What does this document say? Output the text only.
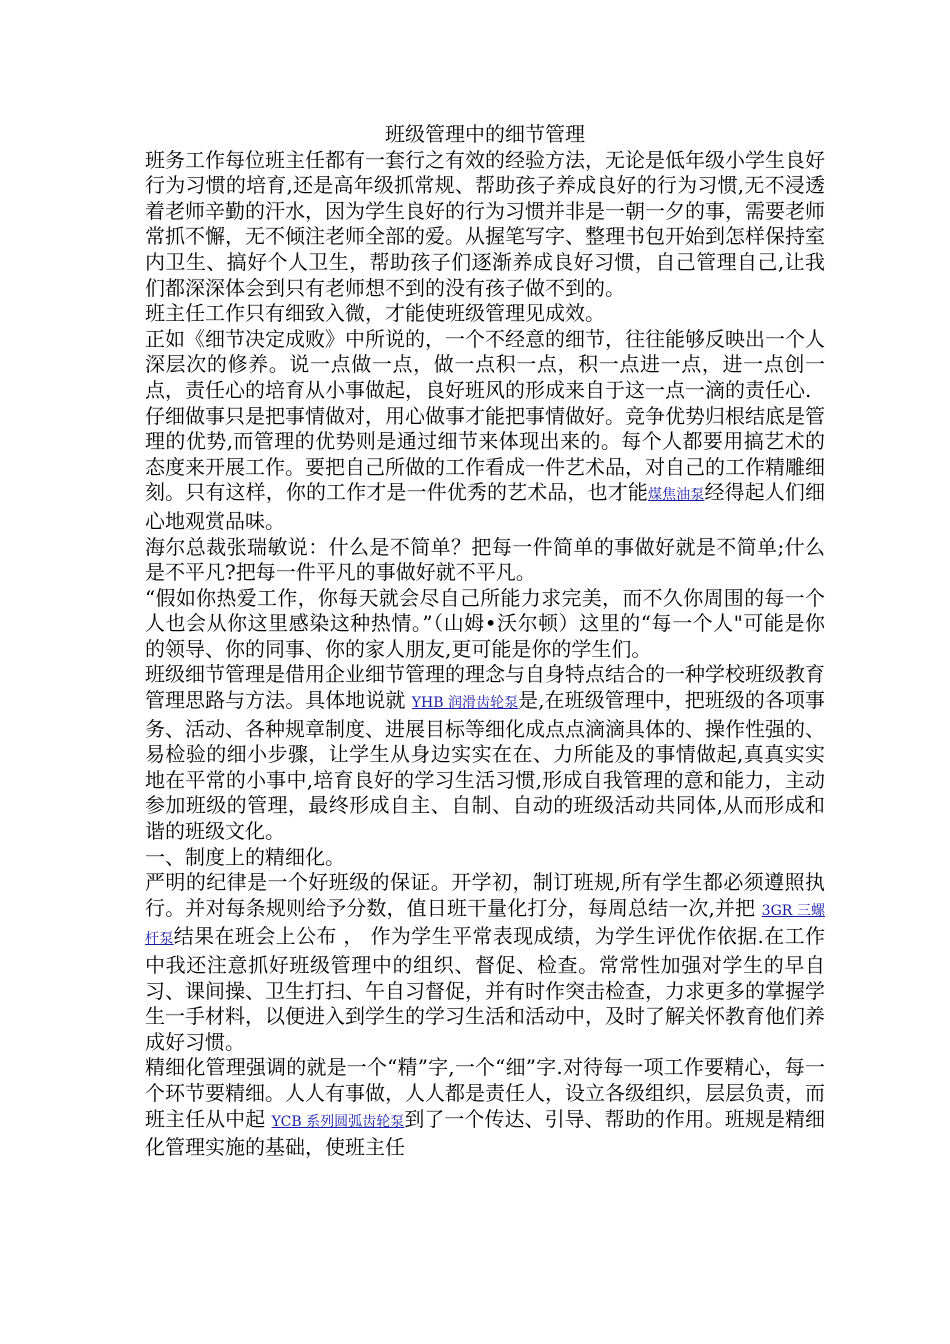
班级管理中的细节管理

班务工作每位班主任都有一套行之有效的经验方法，无论是低年级小学生良好行为习惯的培育,还是高年级抓常规、帮助孩子养成良好的行为习惯,无不浸透着老师辛勤的汗水，因为学生良好的行为习惯并非是一朝一夕的事，需要老师常抓不懈，无不倾注老师全部的爱。从握笔写字、整理书包开始到怎样保持室内卫生、搞好个人卫生，帮助孩子们逐渐养成良好习惯，自己管理自己,让我们都深深体会到只有老师想不到的没有孩子做不到的。

班主任工作只有细致入微，才能使班级管理见成效。

正如《细节决定成败》中所说的，一个不经意的细节，往往能够反映出一个人深层次的修养。说一点做一点，做一点积一点，积一点进一点，进一点创一点，责任心的培育从小事做起，良好班风的形成来自于这一点一滴的责任心.

仔细做事只是把事情做对，用心做事才能把事情做好。竞争优势归根结底是管理的优势,而管理的优势则是通过细节来体现出来的。每个人都要用搞艺术的态度来开展工作。要把自己所做的工作看成一件艺术品，对自己的工作精雕细刻。只有这样，你的工作才是一件优秀的艺术品，也才能煤焦油泵经得起人们细心地观赏品味。

海尔总裁张瑞敏说：什么是不简单？把每一件简单的事做好就是不简单;什么是不平凡?把每一件平凡的事做好就不平凡。

“假如你热爱工作，你每天就会尽自己所能力求完美，而不久你周围的每一个人也会从你这里感染这种热情。”（山姆•沃尔顿）这里的“每一个人"可能是你的领导、你的同事、你的家人朋友,更可能是你的学生们。

班级细节管理是借用企业细节管理的理念与自身特点结合的一种学校班级教育管理思路与方法。具体地说就 YHB 润滑齿轮泵是,在班级管理中，把班级的各项事务、活动、各种规章制度、进展目标等细化成点点滴滴具体的、操作性强的、易检验的细小步骤，让学生从身边实实在在、力所能及的事情做起,真真实实地在平常的小事中,培育良好的学习生活习惯,形成自我管理的意和能力，主动参加班级的管理，最终形成自主、自制、自动的班级活动共同体,从而形成和谐的班级文化。

一、制度上的精细化。

严明的纪律是一个好班级的保证。开学初，制订班规,所有学生都必须遵照执行。并对每条规则给予分数，值日班干量化打分，每周总结一次,并把 3GR 三螺杆泵结果在班会上公布 ， 作为学生平常表现成绩，为学生评优作依据.在工作中我还注意抓好班级管理中的组织、督促、检查。常常性加强对学生的早自习、课间操、卫生打扫、午自习督促，并有时作突击检查，力求更多的掌握学生一手材料，以便进入到学生的学习生活和活动中，及时了解关怀教育他们养成好习惯。

精细化管理强调的就是一个“精”字,一个“细”字.对待每一项工作要精心，每一个环节要精细。人人有事做，人人都是责任人，设立各级组织，层层负责，而班主任从中起 YCB 系列圆弧齿轮泵到了一个传达、引导、帮助的作用。班规是精细化管理实施的基础，使班主任
